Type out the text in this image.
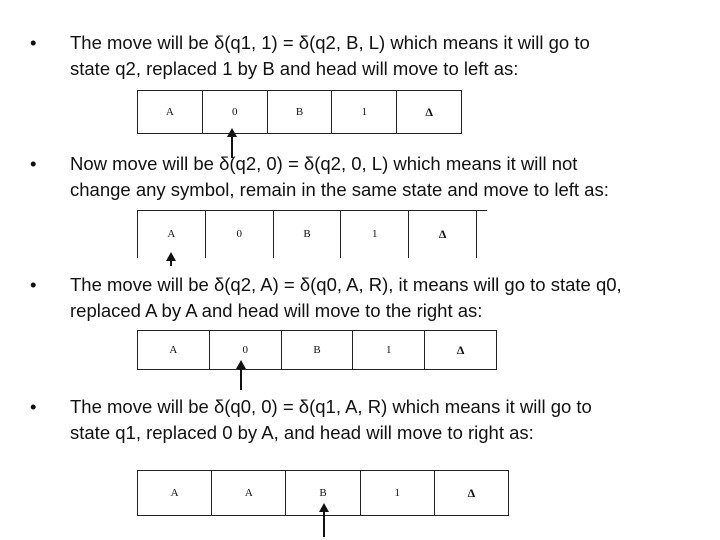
•	The move will be δ(q1, 1) = δ(q2, B, L) which means it will go to
state q2, replaced 1 by B and head will move to left as:
A	0	B	1	Δ
•	Now move will be δ(q2, 0) = δ(q2, 0, L) which means it will not
change any symbol, remain in the same state and move to left as:
A	0	B	1	Δ
•	The move will be δ(q2, A) = δ(q0, A, R), it means will go to state q0,
replaced A by A and head will move to the right as:
A	0	B	1	Δ
•	The move will be δ(q0, 0) = δ(q1, A, R) which means it will go to
state q1, replaced 0 by A, and head will move to right as:
A	A	B	1	Δ
